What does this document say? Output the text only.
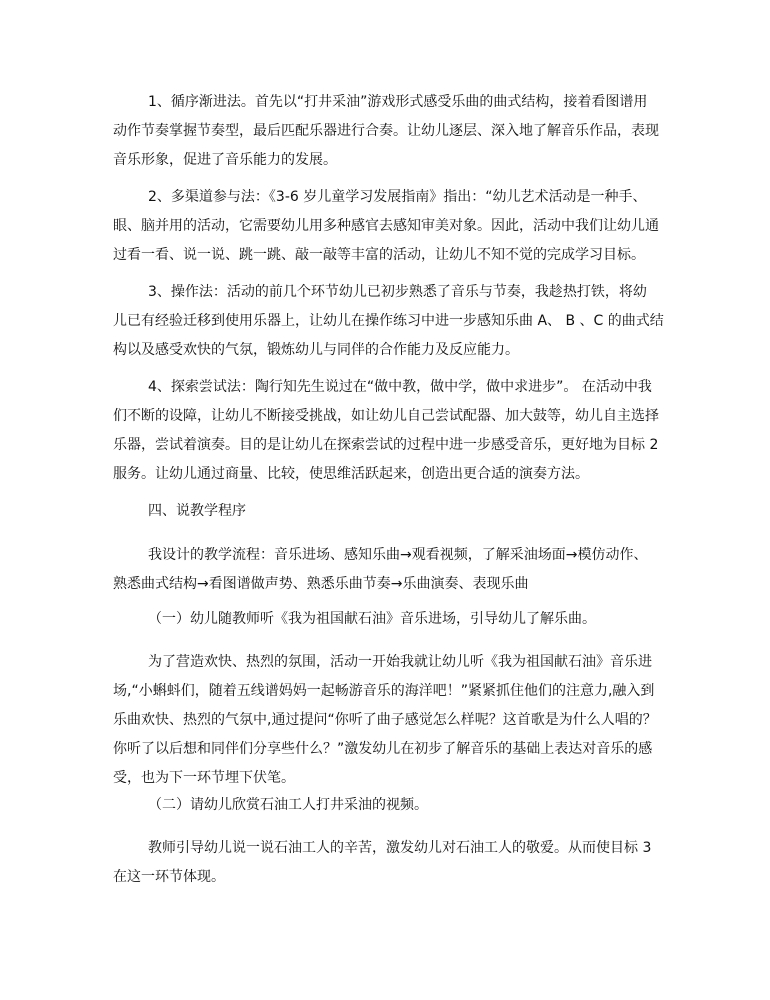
1、循序渐进法。首先以“打井采油”游戏形式感受乐曲的曲式结构，接着看图谱用
动作节奏掌握节奏型，最后匹配乐器进行合奏。让幼儿逐层、深入地了解音乐作品，表现
音乐形象，促进了音乐能力的发展。

2、多渠道参与法：《3-6 岁儿童学习发展指南》指出：“幼儿艺术活动是一种手、
眼、脑并用的活动，它需要幼儿用多种感官去感知审美对象。因此，活动中我们让幼儿通
过看一看、说一说、跳一跳、敲一敲等丰富的活动，让幼儿不知不觉的完成学习目标。

3、操作法：活动的前几个环节幼儿已初步熟悉了音乐与节奏，我趁热打铁，将幼
儿已有经验迁移到使用乐器上，让幼儿在操作练习中进一步感知乐曲 A、 B 、C 的曲式结
构以及感受欢快的气氛，锻炼幼儿与同伴的合作能力及反应能力。

4、探索尝试法：陶行知先生说过在“做中教，做中学，做中求进步”。 在活动中我
们不断的设障，让幼儿不断接受挑战，如让幼儿自己尝试配器、加大鼓等，幼儿自主选择
乐器，尝试着演奏。目的是让幼儿在探索尝试的过程中进一步感受音乐，更好地为目标 2
服务。让幼儿通过商量、比较，使思维活跃起来，创造出更合适的演奏方法。

四、说教学程序

我设计的教学流程：音乐进场、感知乐曲→观看视频，了解采油场面→模仿动作、
熟悉曲式结构→看图谱做声势、熟悉乐曲节奏→乐曲演奏、表现乐曲

（一）幼儿随教师听《我为祖国献石油》音乐进场，引导幼儿了解乐曲。

为了营造欢快、热烈的氛围，活动一开始我就让幼儿听《我为祖国献石油》音乐进
场,“小蝌蚪们，随着五线谱妈妈一起畅游音乐的海洋吧！”紧紧抓住他们的注意力,融入到
乐曲欢快、热烈的气氛中,通过提问“你听了曲子感觉怎么样呢？这首歌是为什么人唱的？
你听了以后想和同伴们分享些什么？”激发幼儿在初步了解音乐的基础上表达对音乐的感
受，也为下一环节埋下伏笔。

（二）请幼儿欣赏石油工人打井采油的视频。

教师引导幼儿说一说石油工人的辛苦，激发幼儿对石油工人的敬爱。从而使目标 3
在这一环节体现。
